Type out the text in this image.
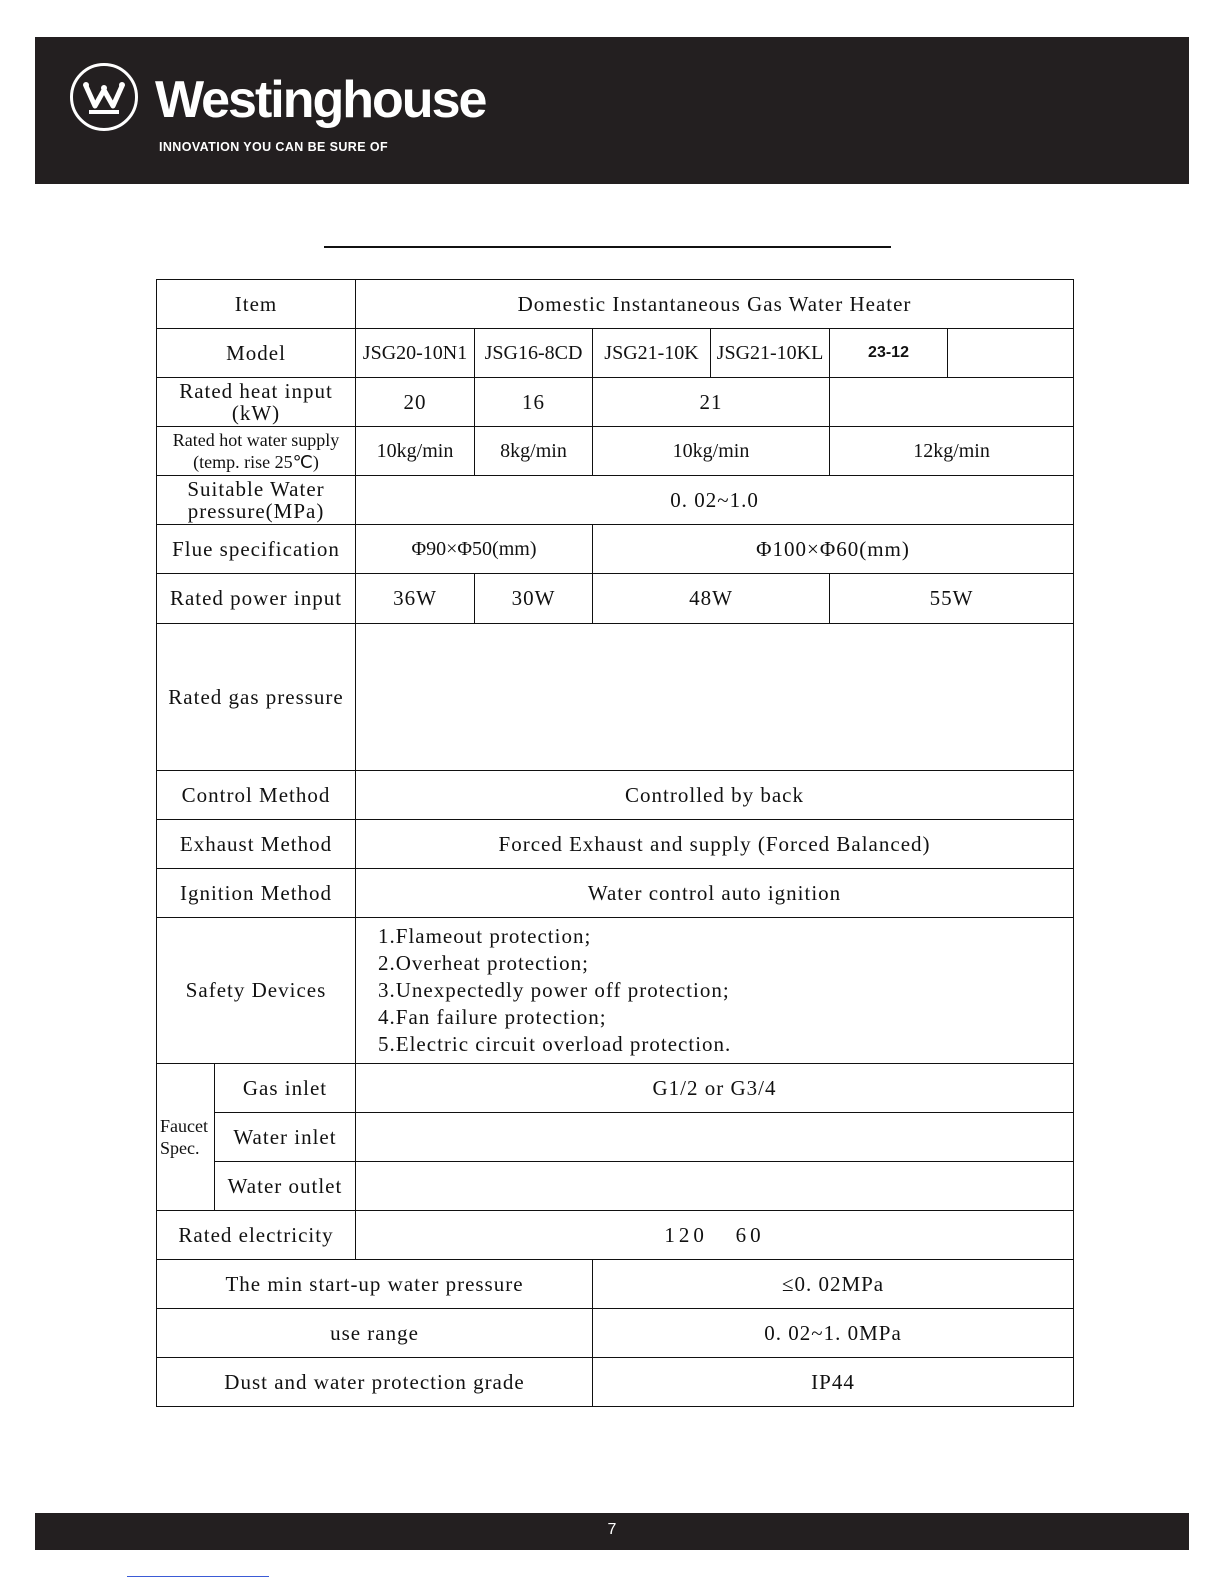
Westinghouse
INNOVATION YOU CAN BE SURE OF
Item		Domestic Instantaneous Gas Water Heater					
Model		JSG20-10N1	JSG16-8CD	JSG21-10K	JSG21-10KL	23-12	

Rated heat input
(kW)		20	16	21			

Rated hot water supply
(temp. rise 25℃)		10kg/min	8kg/min	10kg/min		12kg/min	

Suitable Water
pressure(MPa)		0. 02~1.0					
Flue specification		Φ90×Φ50(mm)		Φ100×Φ60(mm)			
Rated power input		36W	30W	48W		55W	
Rated gas pressure							
Control Method		Controlled by back					
Exhaust Method		Forced Exhaust and supply (Forced Balanced)					
Ignition Method		Water control auto ignition					
Safety Devices		1.Flameout protection;
2.Overheat protection;
3.Unexpectedly power off protection;
4.Fan failure protection;
5.Electric circuit overload protection.					

Faucet
Spec.	Gas inlet	G1/2 or G3/4					
	Water inlet						
	Water outlet						
Rated electricity		120   60					
The min start-up water pressure				≤0. 02MPa			
use range				0. 02~1. 0MPa			
Dust and water protection grade				IP44			
7
